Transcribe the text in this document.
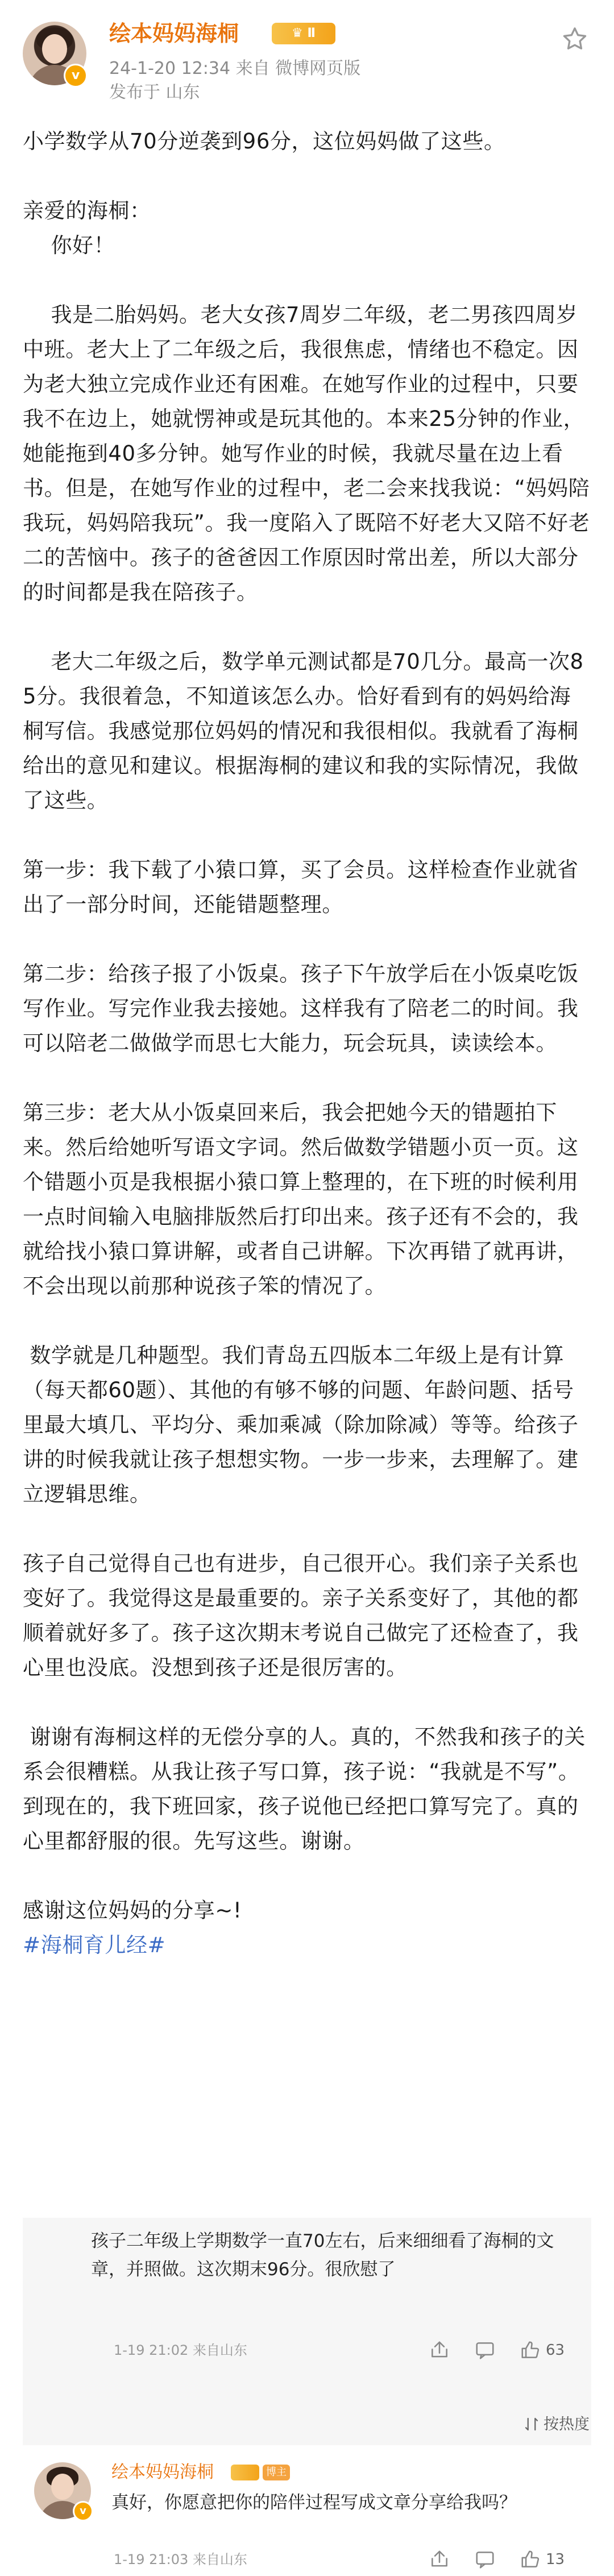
v
绘本妈妈海桐	♛ Ⅱ
24-1-20 12:34 来自 微博网页版
发布于 山东

小学数学从70分逆袭到96分，这位妈妈做了这些。

亲爱的海桐：

你好！

我是二胎妈妈。老大女孩7周岁二年级，老二男孩四周岁中班。老大上了二年级之后，我很焦虑，情绪也不稳定。因为老大独立完成作业还有困难。在她写作业的过程中，只要我不在边上，她就愣神或是玩其他的。本来25分钟的作业，她能拖到40多分钟。她写作业的时候，我就尽量在边上看书。但是，在她写作业的过程中，老二会来找我说：“妈妈陪我玩，妈妈陪我玩”。我一度陷入了既陪不好老大又陪不好老二的苦恼中。孩子的爸爸因工作原因时常出差，所以大部分的时间都是我在陪孩子。

老大二年级之后，数学单元测试都是70几分。最高一次85分。我很着急，不知道该怎么办。恰好看到有的妈妈给海桐写信。我感觉那位妈妈的情况和我很相似。我就看了海桐给出的意见和建议。根据海桐的建议和我的实际情况，我做了这些。

第一步：我下载了小猿口算，买了会员。这样检查作业就省出了一部分时间，还能错题整理。

第二步：给孩子报了小饭桌。孩子下午放学后在小饭桌吃饭写作业。写完作业我去接她。这样我有了陪老二的时间。我可以陪老二做做学而思七大能力，玩会玩具，读读绘本。

第三步：老大从小饭桌回来后，我会把她今天的错题拍下来。然后给她听写语文字词。然后做数学错题小页一页。这个错题小页是我根据小猿口算上整理的，在下班的时候利用一点时间输入电脑排版然后打印出来。孩子还有不会的，我就给找小猿口算讲解，或者自己讲解。下次再错了就再讲，不会出现以前那种说孩子笨的情况了。

数学就是几种题型。我们青岛五四版本二年级上是有计算（每天都60题）、其他的有够不够的问题、年龄问题、括号里最大填几、平均分、乘加乘减（除加除减）等等。给孩子讲的时候我就让孩子想想实物。一步一步来，去理解了。建立逻辑思维。

孩子自己觉得自己也有进步，自己很开心。我们亲子关系也变好了。我觉得这是最重要的。亲子关系变好了，其他的都顺着就好多了。孩子这次期末考说自己做完了还检查了，我心里也没底。没想到孩子还是很厉害的。

谢谢有海桐这样的无偿分享的人。真的，不然我和孩子的关系会很糟糕。从我让孩子写口算，孩子说：“我就是不写”。到现在的，我下班回家，孩子说他已经把口算写完了。真的心里都舒服的很。先写这些。谢谢。

感谢这位妈妈的分享~!

#海桐育儿经#

孩子二年级上学期数学一直70左右，后来细细看了海桐的文章，并照做。这次期末96分。很欣慰了
1-19 21:02 来自山东	63
按热度
v
绘本妈妈海桐	博主
真好，你愿意把你的陪伴过程写成文章分享给我吗？
1-19 21:03 来自山东	13
